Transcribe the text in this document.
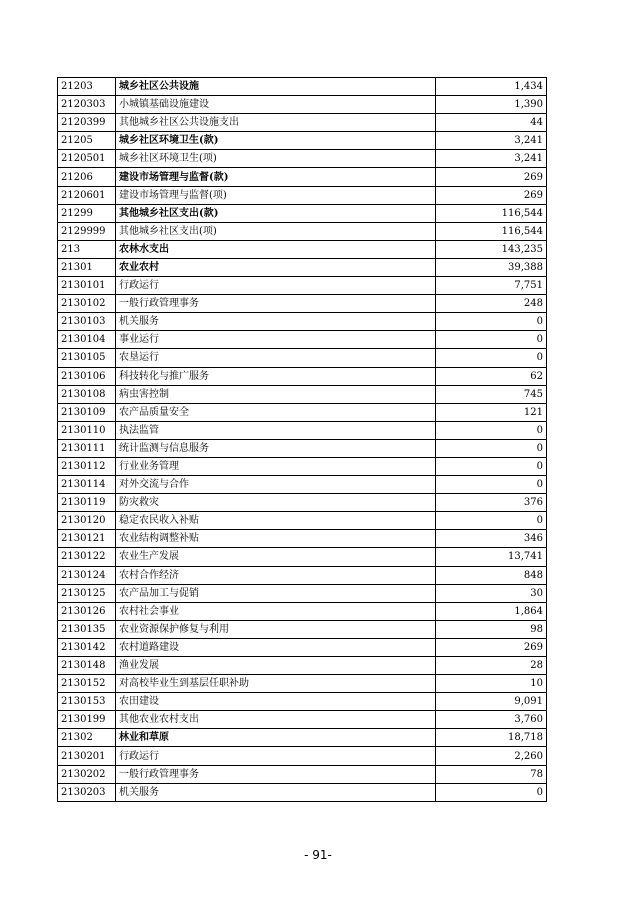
21203	城乡社区公共设施	1,434
2120303	小城镇基础设施建设	1,390
2120399	其他城乡社区公共设施支出	44
21205	城乡社区环境卫生(款)	3,241
2120501	城乡社区环境卫生(项)	3,241
21206	建设市场管理与监督(款)	269
2120601	建设市场管理与监督(项)	269
21299	其他城乡社区支出(款)	116,544
2129999	其他城乡社区支出(项)	116,544
213	农林水支出	143,235
21301	农业农村	39,388
2130101	行政运行	7,751
2130102	一般行政管理事务	248
2130103	机关服务	0
2130104	事业运行	0
2130105	农垦运行	0
2130106	科技转化与推广服务	62
2130108	病虫害控制	745
2130109	农产品质量安全	121
2130110	执法监管	0
2130111	统计监测与信息服务	0
2130112	行业业务管理	0
2130114	对外交流与合作	0
2130119	防灾救灾	376
2130120	稳定农民收入补贴	0
2130121	农业结构调整补贴	346
2130122	农业生产发展	13,741
2130124	农村合作经济	848
2130125	农产品加工与促销	30
2130126	农村社会事业	1,864
2130135	农业资源保护修复与利用	98
2130142	农村道路建设	269
2130148	渔业发展	28
2130152	对高校毕业生到基层任职补助	10
2130153	农田建设	9,091
2130199	其他农业农村支出	3,760
21302	林业和草原	18,718
2130201	行政运行	2,260
2130202	一般行政管理事务	78
2130203	机关服务	0
- 91-
